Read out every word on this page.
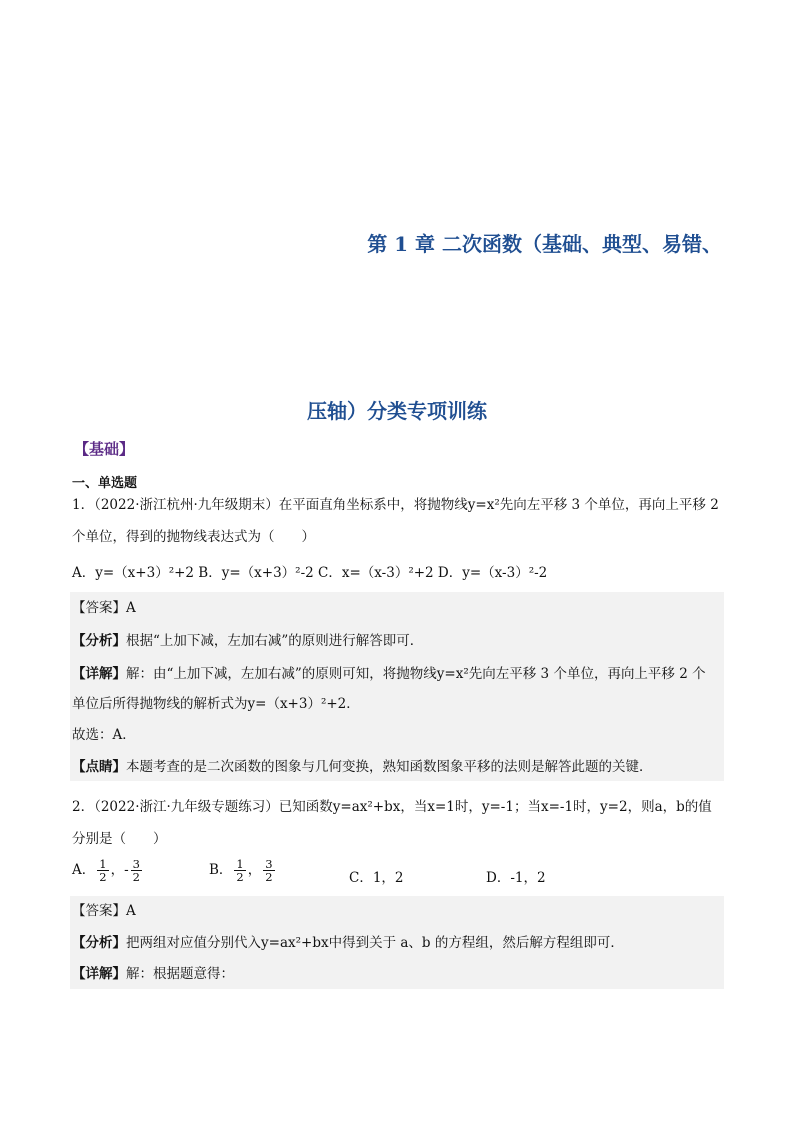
第 1 章 二次函数（基础、典型、易错、
压轴）分类专项训练
【基础】
一、单选题
1．（2022·浙江杭州·九年级期末）在平面直角坐标系中，将抛物线y=x²先向左平移 3 个单位，再向上平移 2
个单位，得到的抛物线表达式为（　　）
A．y=（x+3）²+2 B．y=（x+3）²-2 C．x=（x-3）²+2 D．y=（x-3）²-2
【答案】A
【分析】根据“上加下减，左加右减”的原则进行解答即可．
【详解】解：由“上加下减，左加右减”的原则可知，将抛物线y=x²先向左平移 3 个单位，再向上平移 2 个
单位后所得抛物线的解析式为y=（x+3）²+2．
故选：A．
【点睛】本题考查的是二次函数的图象与几何变换，熟知函数图象平移的法则是解答此题的关键．
2．（2022·浙江·九年级专题练习）已知函数y=ax²+bx，当x=1时，y=-1；当x=-1时，y=2，则a，b的值
分别是（　　）
A． $\frac{1}{2}$ ，- $\frac{3}{2}$	B． $\frac{1}{2}$ ， $\frac{3}{2}$	C．1，2	D．-1，2
【答案】A
【分析】把两组对应值分别代入y=ax²+bx中得到关于 a、b 的方程组，然后解方程组即可．
【详解】解：根据题意得：
